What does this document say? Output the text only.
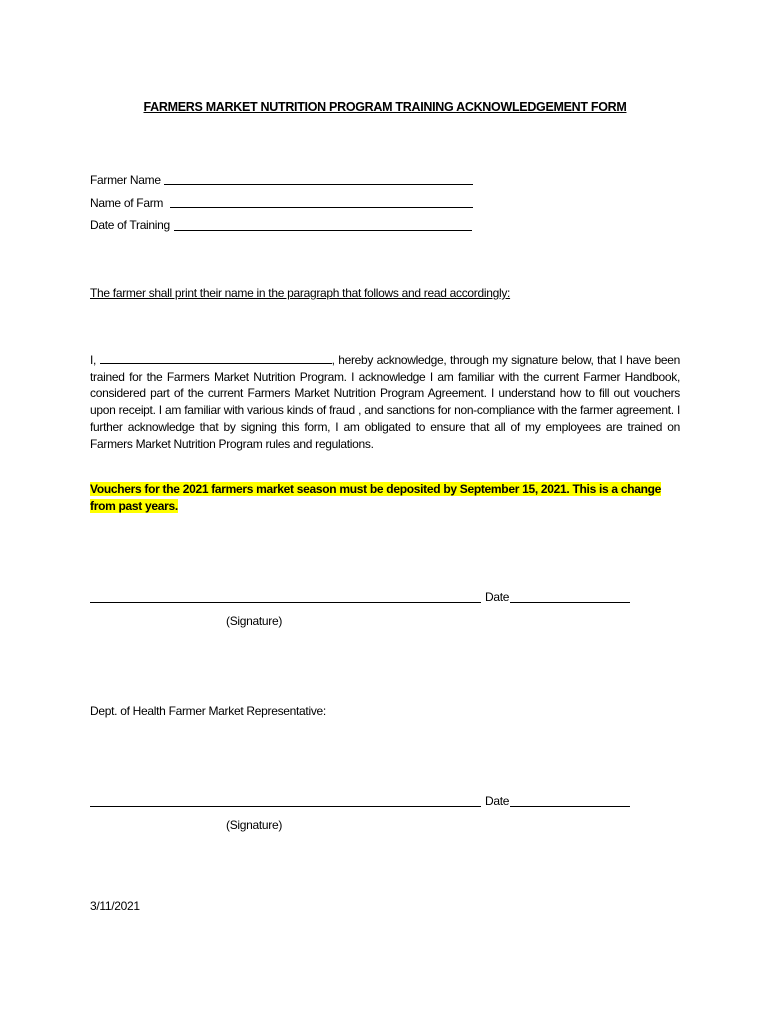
FARMERS MARKET NUTRITION PROGRAM TRAINING ACKNOWLEDGEMENT FORM
Farmer Name
Name of Farm
Date of Training
The farmer shall print their name in the paragraph that follows and read accordingly:
I,	, hereby acknowledge, through my signature below, that I have been trained for the Farmers Market Nutrition Program. I acknowledge I am familiar with the current Farmer Handbook, considered part of the current Farmers Market Nutrition Program Agreement. I understand how to fill out vouchers upon receipt. I am familiar with various kinds of fraud , and sanctions for non-compliance with the farmer agreement. I further acknowledge that by signing this form, I am obligated to ensure that all of my employees are trained on Farmers Market Nutrition Program rules and regulations.
Vouchers for the 2021 farmers market season must be deposited by September 15, 2021. This is a change from past years.
Date
(Signature)
Dept. of Health Farmer Market Representative:
Date
(Signature)
3/11/2021
